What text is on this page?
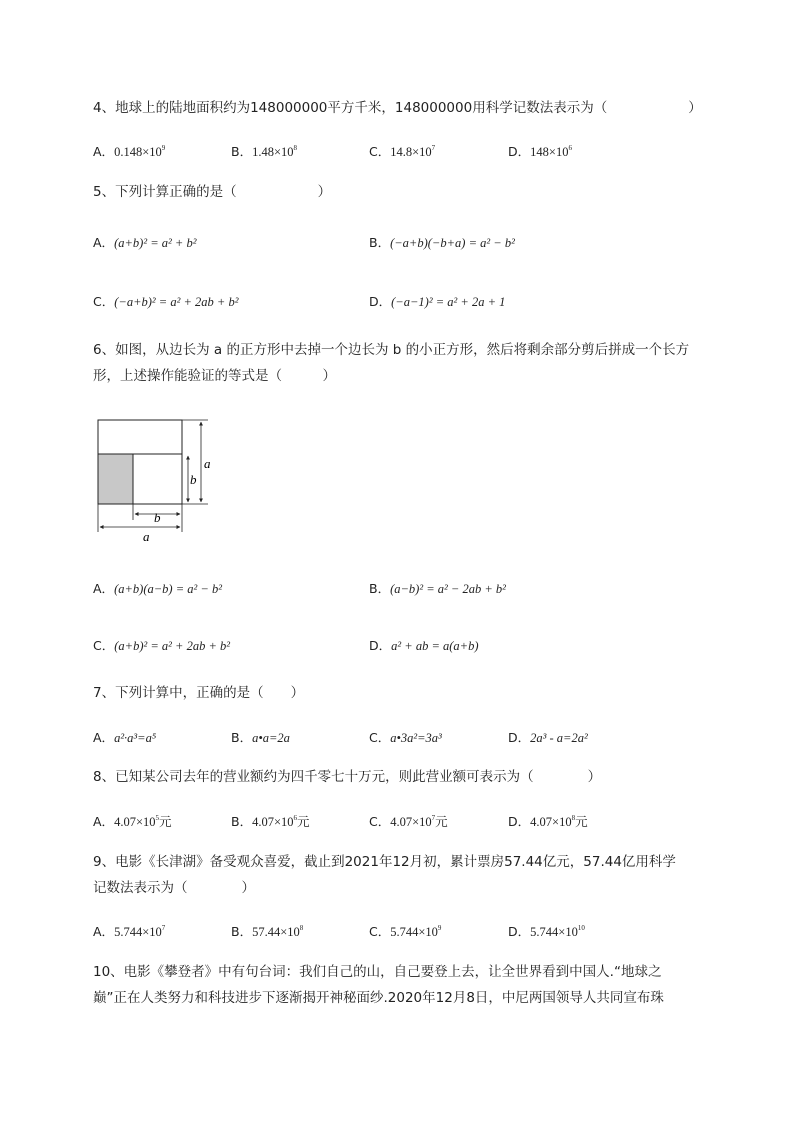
4、地球上的陆地面积约为148000000平方千米，148000000用科学记数法表示为（　　　　　　）
A．$0.148\times 10^9$	B．$1.48\times 10^8$	C．$14.8\times 10^7$	D．$148\times 10^6$
5、下列计算正确的是（　　　　　　）
A．(a+b)² = a² + b²	B．(−a+b)(−b+a) = a² − b²
C．(−a+b)² = a² + 2ab + b²	D．(−a−1)² = a² + 2a + 1
6、如图，从边长为 a 的正方形中去掉一个边长为 b 的小正方形，然后将剩余部分剪后拼成一个长方
形，上述操作能验证的等式是（　　　）
a
b
b
a
A．(a+b)(a−b) = a² − b²	B．(a−b)² = a² − 2ab + b²
C．(a+b)² = a² + 2ab + b²	D．a² + ab = a(a+b)
7、下列计算中，正确的是（　　）
A．a²·a³=a⁵	B．a•a=2a	C．a•3a²=3a³	D．2a³ - a=2a²
8、已知某公司去年的营业额约为四千零七十万元，则此营业额可表示为（　　　　）
A．$4.07\times 10^5$元	B．$4.07\times 10^6$元	C．$4.07\times 10^7$元	D．$4.07\times 10^8$元
9、电影《长津湖》备受观众喜爱，截止到2021年12月初，累计票房57.44亿元，57.44亿用科学
记数法表示为（　　　　）
A．$5.744\times 10^7$	B．$57.44\times 10^8$	C．$5.744\times 10^9$	D．$5.744\times 10^{10}$
10、电影《攀登者》中有句台词：我们自己的山，自己要登上去，让全世界看到中国人.“地球之
巅”正在人类努力和科技进步下逐渐揭开神秘面纱.2020年12月8日，中尼两国领导人共同宣布珠
